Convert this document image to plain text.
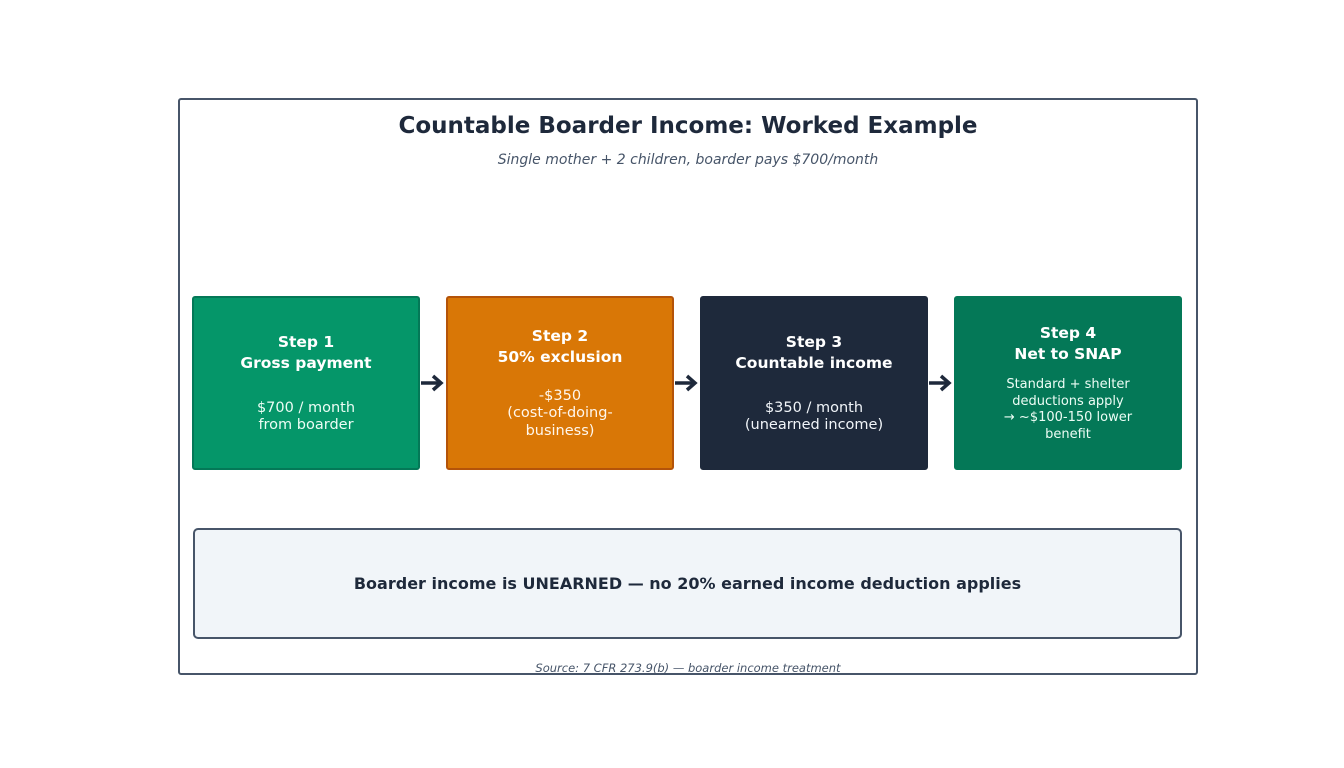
Countable Boarder Income: Worked Example
Single mother + 2 children, boarder pays $700/month
Step 1
Gross payment
$700 / month
from boarder
Step 2
50% exclusion
-$350
(cost-of-doing-
business)
Step 3
Countable income
$350 / month
(unearned income)
Step 4
Net to SNAP
Standard + shelter
deductions apply
→ ~$100-150 lower
benefit
Boarder income is UNEARNED — no 20% earned income deduction applies
Source: 7 CFR 273.9(b) — boarder income treatment
